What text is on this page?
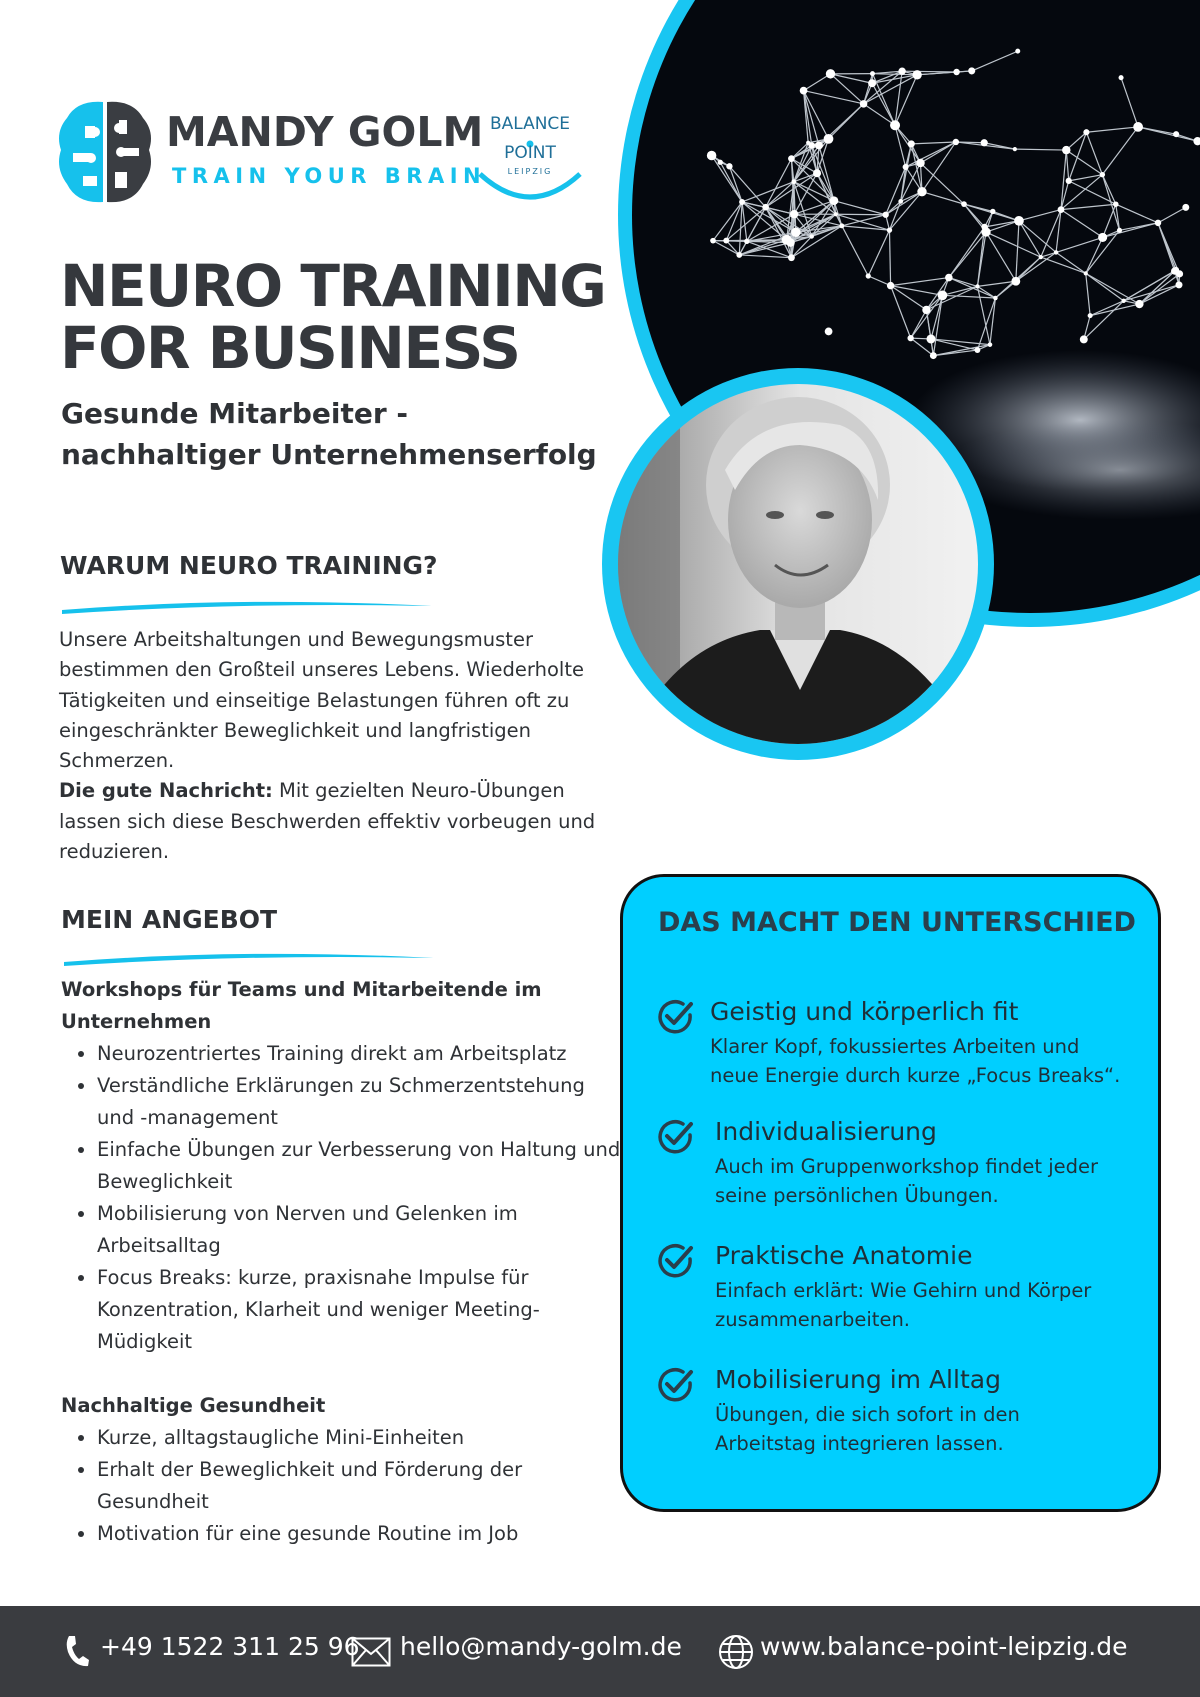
MANDY GOLM
TRAIN YOUR BRAIN
BALANCE
POINT
LEIPZIG
NEURO TRAINING
FOR BUSINESS
Gesunde Mitarbeiter -
nachhaltiger Unternehmenserfolg
WARUM NEURO TRAINING?
Unsere Arbeitshaltungen und Bewegungsmuster bestimmen den Großteil unseres Lebens. Wiederholte Tätigkeiten und einseitige Belastungen führen oft zu eingeschränkter Beweglichkeit und langfristigen Schmerzen.
Die gute Nachricht: Mit gezielten Neuro-Übungen lassen sich diese Beschwerden effektiv vorbeugen und reduzieren.
MEIN ANGEBOT
Workshops für Teams und Mitarbeitende im Unternehmen
• Neurozentriertes Training direkt am Arbeitsplatz
• Verständliche Erklärungen zu Schmerzentstehung und -management
• Einfache Übungen zur Verbesserung von Haltung und Beweglichkeit
• Mobilisierung von Nerven und Gelenken im Arbeitsalltag
• Focus Breaks: kurze, praxisnahe Impulse für Konzentration, Klarheit und weniger Meeting-Müdigkeit
Nachhaltige Gesundheit
• Kurze, alltagstaugliche Mini-Einheiten
• Erhalt der Beweglichkeit und Förderung der Gesundheit
• Motivation für eine gesunde Routine im Job
DAS MACHT DEN UNTERSCHIED
Geistig und körperlich fit
Klarer Kopf, fokussiertes Arbeiten und neue Energie durch kurze „Focus Breaks“.
Individualisierung
Auch im Gruppenworkshop findet jeder seine persönlichen Übungen.
Praktische Anatomie
Einfach erklärt: Wie Gehirn und Körper zusammenarbeiten.
Mobilisierung im Alltag
Übungen, die sich sofort in den Arbeitstag integrieren lassen.
+49 1522 311 25 96 hello@mandy-golm.de	www.balance-point-leipzig.de
